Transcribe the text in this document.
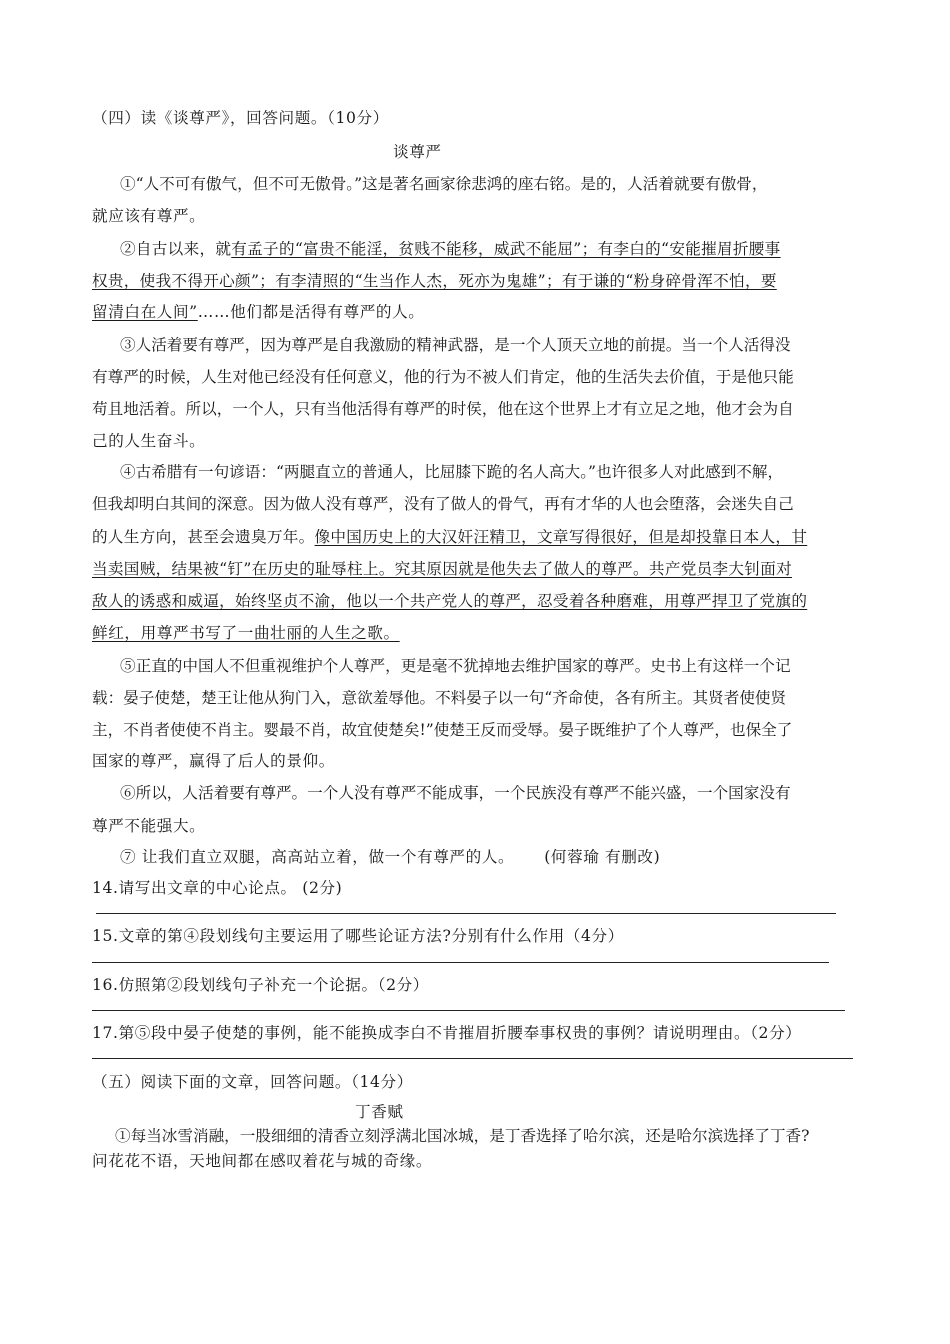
（四）读《谈尊严》，回答问题。（10分）
谈尊严
①“人不可有傲气，但不可无傲骨。”这是著名画家徐悲鸿的座右铭。是的，人活着就要有傲骨，
就应该有尊严。
②自古以来，就有孟子的“富贵不能淫，贫贱不能移，威武不能屈”；有李白的“安能摧眉折腰事
权贵，使我不得开心颜”；有李清照的“生当作人杰，死亦为鬼雄”；有于谦的“粉身碎骨浑不怕，要
留清白在人间”……他们都是活得有尊严的人。
③人活着要有尊严，因为尊严是自我激励的精神武器，是一个人顶天立地的前提。当一个人活得没
有尊严的时候，人生对他已经没有任何意义，他的行为不被人们肯定，他的生活失去价值，于是他只能
苟且地活着。所以，一个人，只有当他活得有尊严的时侯，他在这个世界上才有立足之地，他才会为自
己的人生奋斗。
④古希腊有一句谚语：“两腿直立的普通人，比屈膝下跪的名人高大。”也许很多人对此感到不解，
但我却明白其间的深意。因为做人没有尊严，没有了做人的骨气，再有才华的人也会堕落，会迷失自己
的人生方向，甚至会遗臭万年。像中国历史上的大汉奸汪精卫，文章写得很好，但是却投靠日本人，甘
当卖国贼，结果被“钉”在历史的耻辱柱上。究其原因就是他失去了做人的尊严。共产党员李大钊面对
敌人的诱惑和威逼，始终坚贞不渝，他以一个共产党人的尊严，忍受着各种磨难，用尊严捍卫了党旗的
鲜红，用尊严书写了一曲壮丽的人生之歌。
⑤正直的中国人不但重视维护个人尊严，更是毫不犹掉地去维护国家的尊严。史书上有这样一个记
载：晏子使楚，楚王让他从狗门入，意欲羞辱他。不料晏子以一句“齐命使，各有所主。其贤者使使贤
主，不肖者使使不肖主。婴最不肖，故宜使楚矣!”使楚王反而受辱。晏子既维护了个人尊严，也保全了
国家的尊严，赢得了后人的景仰。
⑥所以，人活着要有尊严。一个人没有尊严不能成事，一个民族没有尊严不能兴盛，一个国家没有
尊严不能强大。
⑦ 让我们直立双腿，高高站立着，做一个有尊严的人。 (何蓉瑜 有删改)
14.请写出文章的中心论点。 (2分)
15.文章的第④段划线句主要运用了哪些论证方法?分别有什么作用（4分）
16.仿照第②段划线句子补充一个论据。（2分）
17.第⑤段中晏子使楚的事例，能不能换成李白不肯摧眉折腰奉事权贵的事例？请说明理由。（2分）
（五）阅读下面的文章，回答问题。（14分）
丁香赋
①每当冰雪消融，一股细细的清香立刻浮满北国冰城，是丁香选择了哈尔滨，还是哈尔滨选择了丁香?
问花花不语，天地间都在感叹着花与城的奇缘。
